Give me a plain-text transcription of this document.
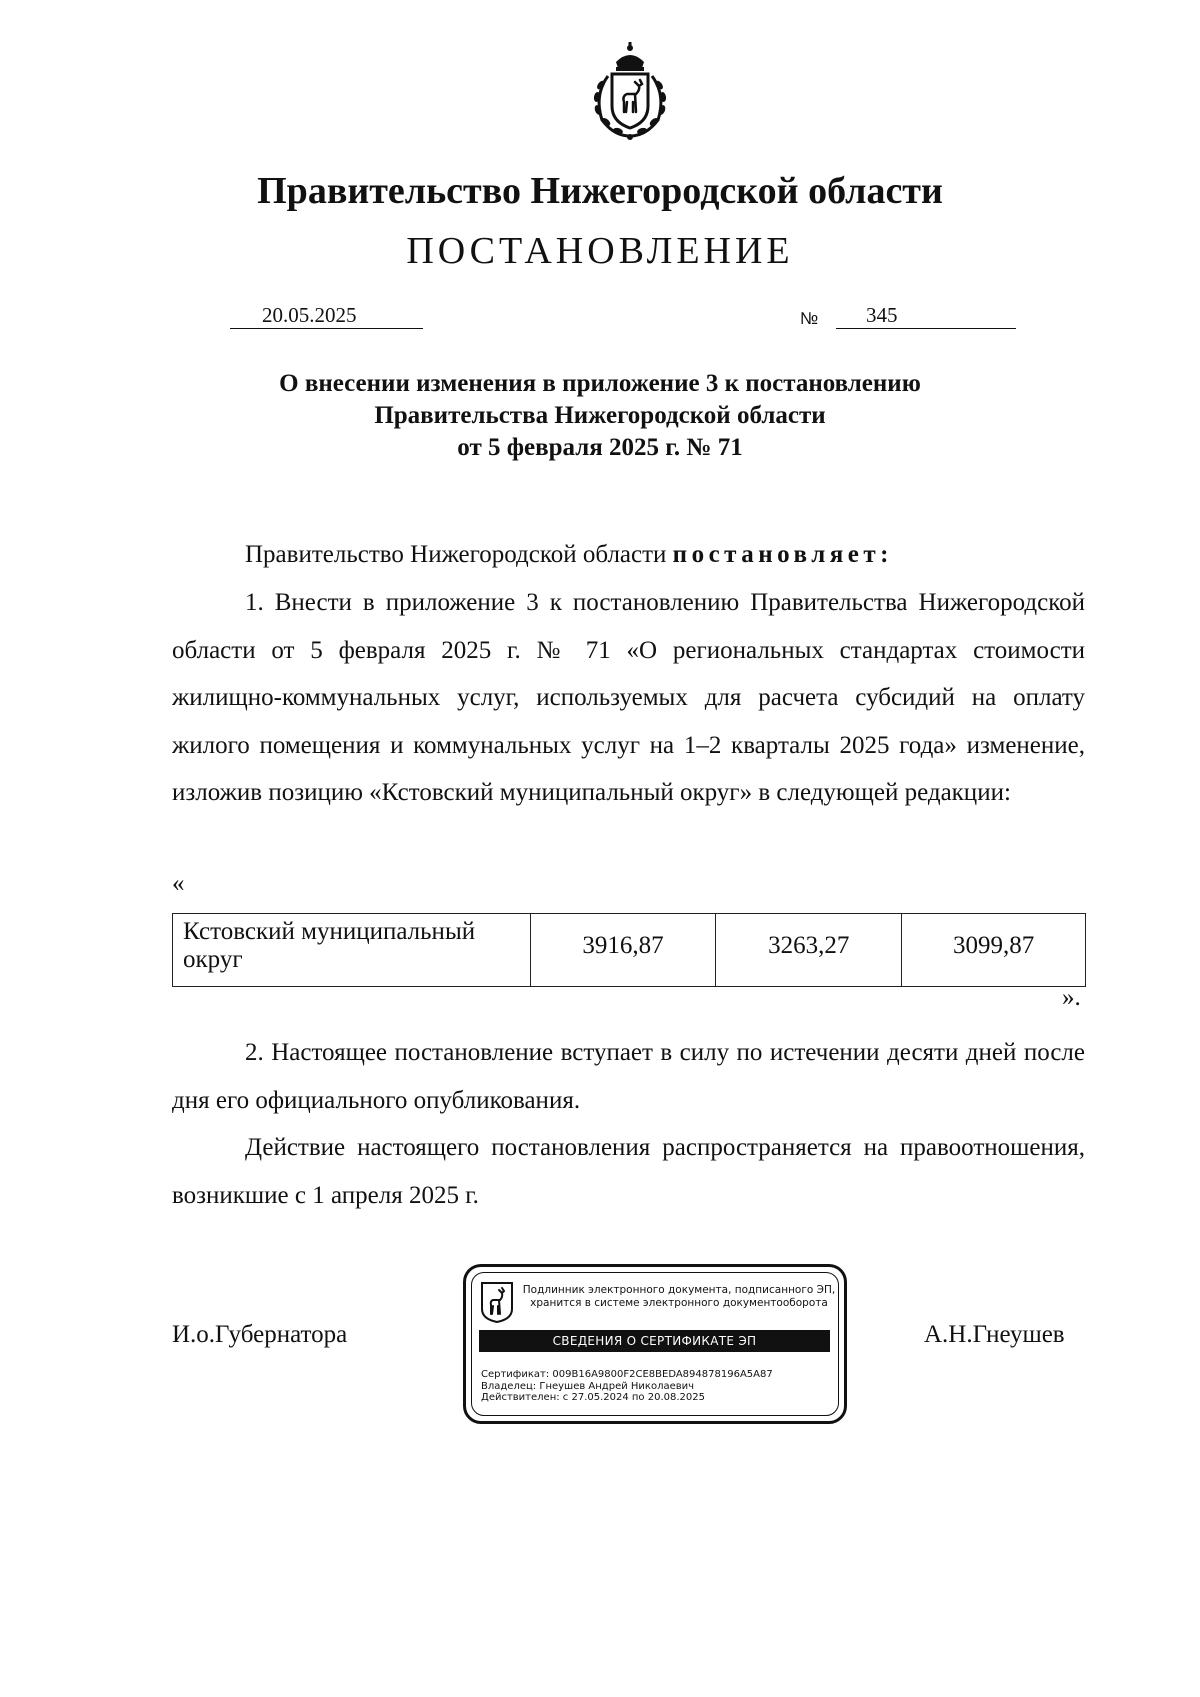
Правительство Нижегородской области
ПОСТАНОВЛЕНИЕ
20.05.2025	№	345
О внесении изменения в приложение 3 к постановлению
Правительства Нижегородской области
от 5 февраля 2025 г. № 71
Правительство Нижегородской области постановляет:
1. Внести в приложение 3 к постановлению Правительства Нижегородской области от 5 февраля 2025 г. № 71 «О региональных стандартах стоимости жилищно-коммунальных услуг, используемых для расчета субсидий на оплату жилого помещения и коммунальных услуг на 1–2 кварталы 2025 года» изменение, изложив позицию «Кстовский муниципальный округ» в следующей редакции:
«
Кстовский муниципальный округ	3916,87	3263,27	3099,87
».
2. Настоящее постановление вступает в силу по истечении десяти дней после дня его официального опубликования.
Действие настоящего постановления распространяется на правоотношения, возникшие с 1 апреля 2025 г.
И.о.Губернатора	А.Н.Гнеушев
Подлинник электронного документа, подписанного ЭП,
хранится в системе электронного документооборота
СВЕДЕНИЯ О СЕРТИФИКАТЕ ЭП
Сертификат: 009B16A9800F2CE8BEDA894878196A5A87
Владелец: Гнеушев Андрей Николаевич
Действителен: с 27.05.2024 по 20.08.2025
